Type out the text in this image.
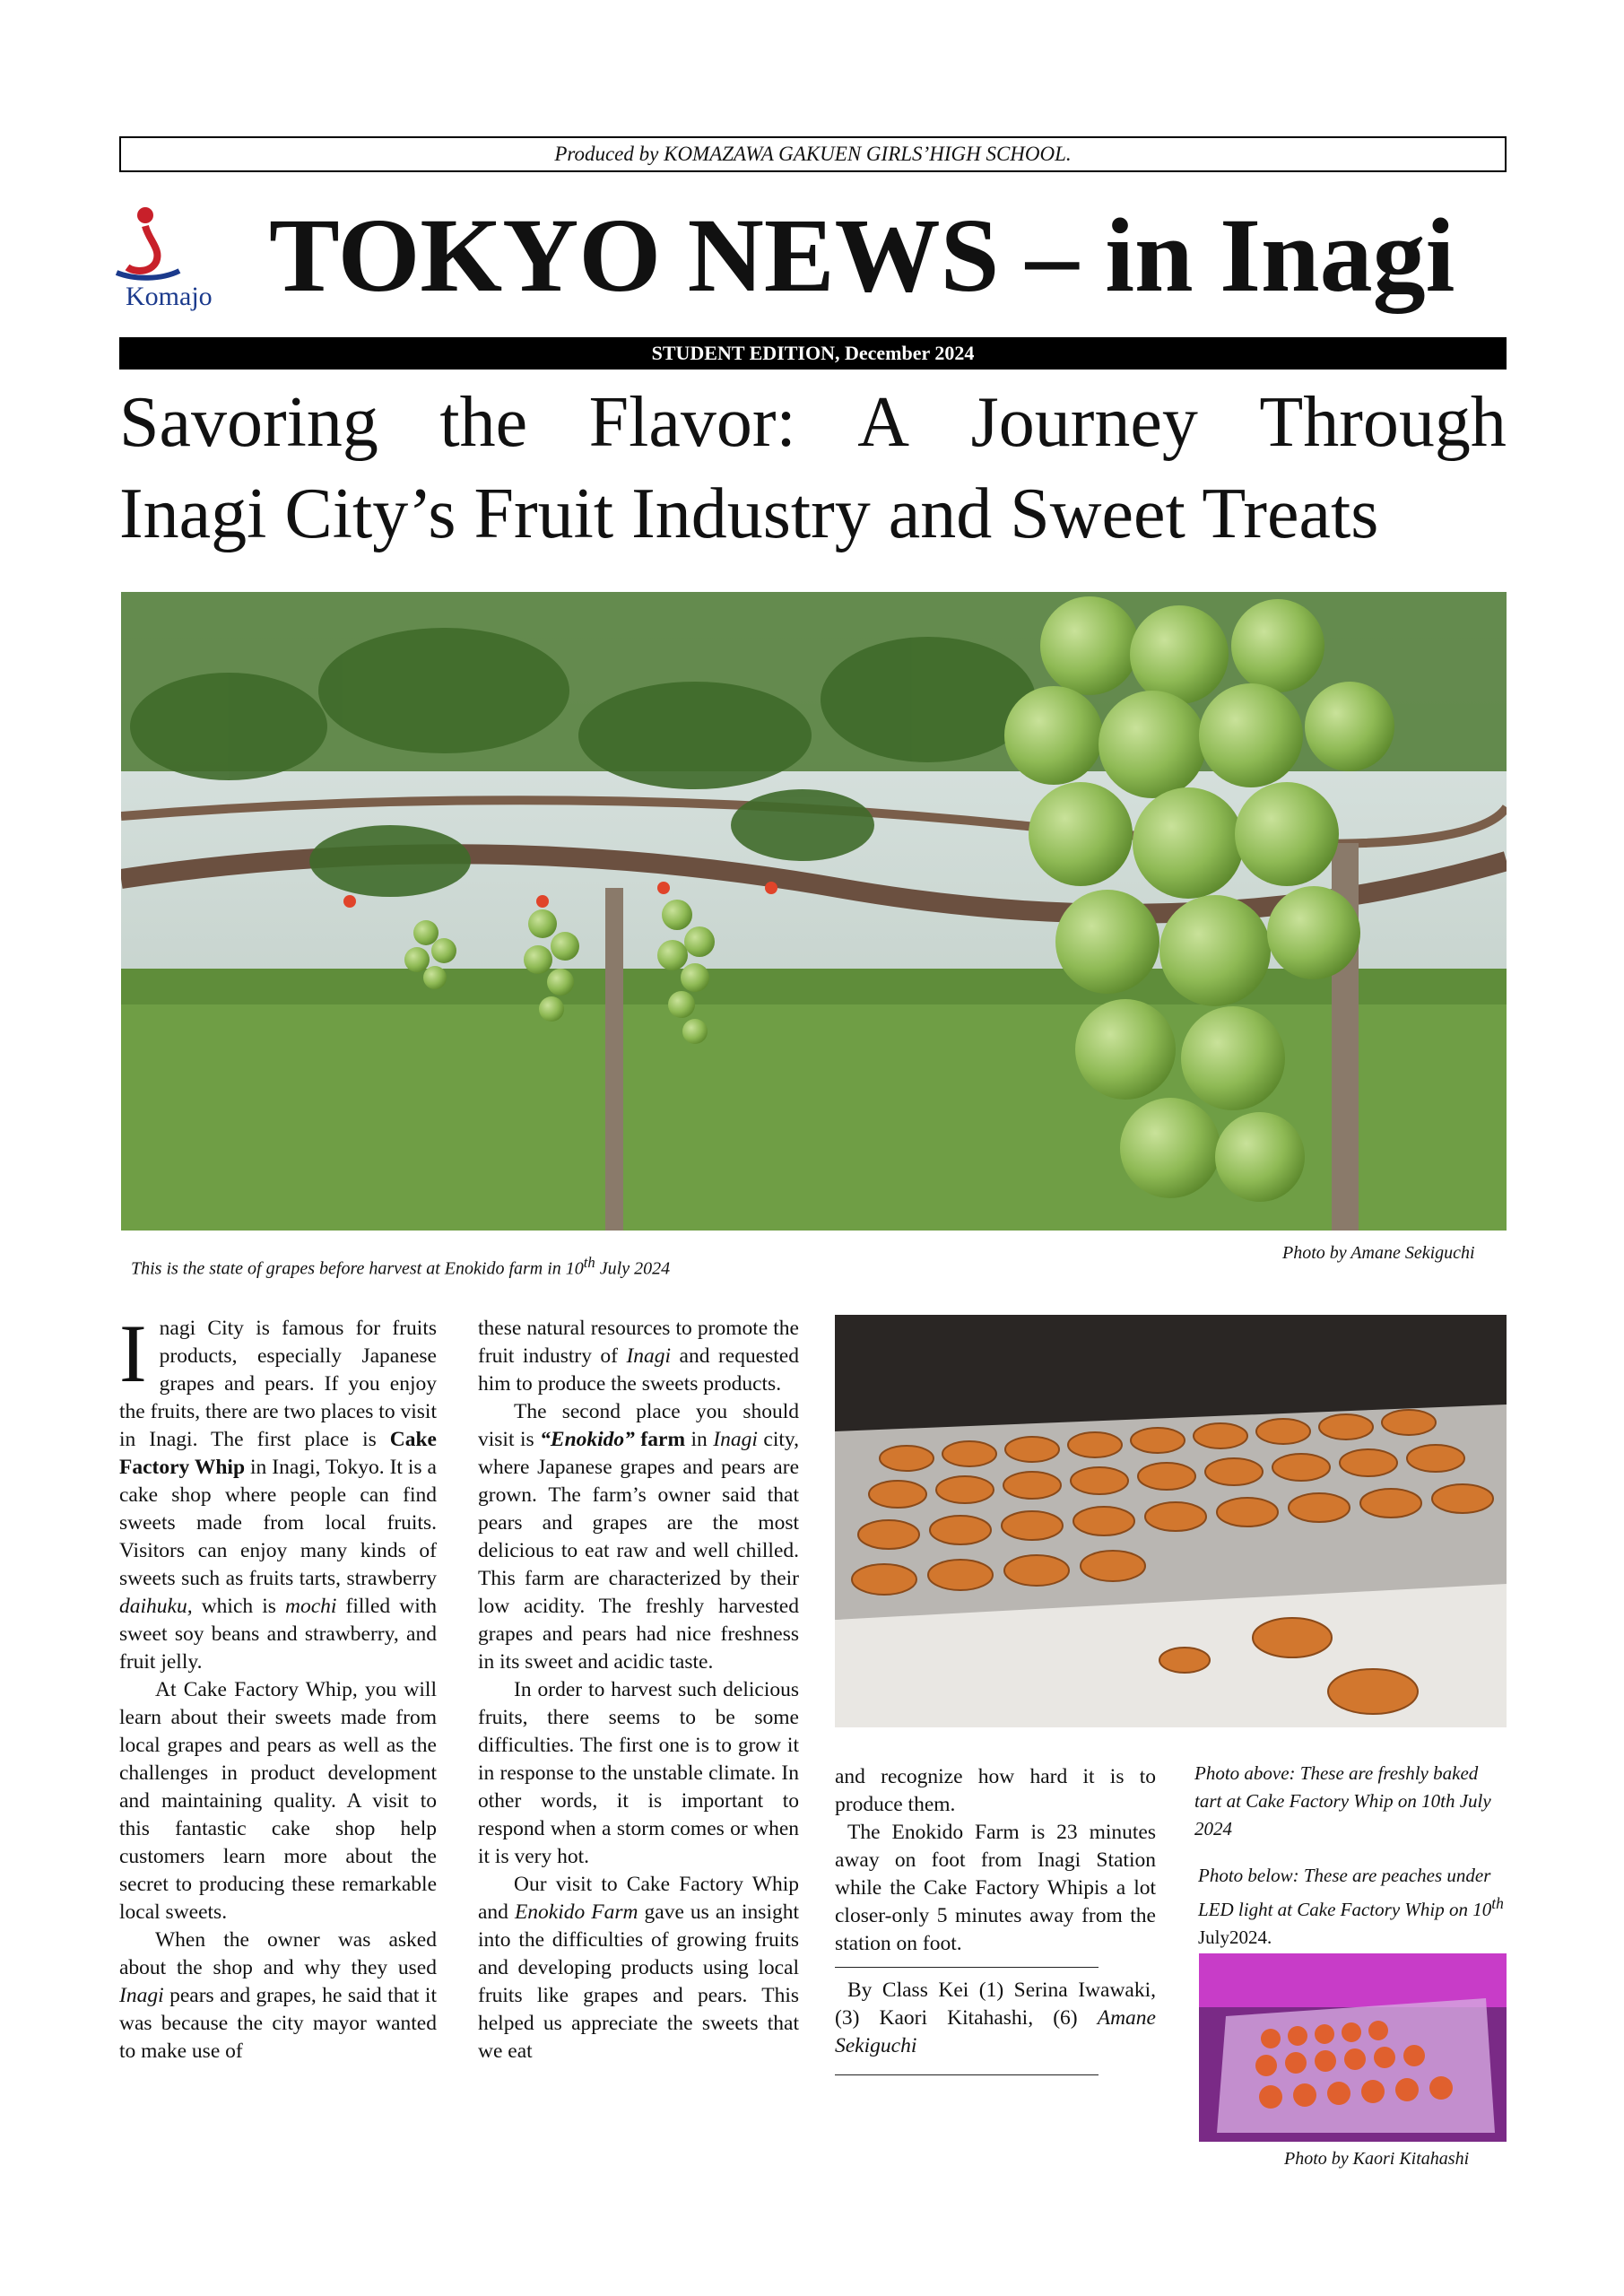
Produced by KOMAZAWA GAKUEN GIRLS’HIGH SCHOOL.
Komajo TOKYO NEWS – in Inagi
STUDENT EDITION, December 2024
Savoring the Flavor: A Journey Through
Inagi City’s Fruit Industry and Sweet Treats
This is the state of grapes before harvest at Enokido farm in 10th July 2024
Photo by Amane Sekiguchi

Inagi City is famous for fruits products, especially Japanese grapes and pears. If you enjoy the fruits, there are two places to visit in Inagi. The first place is Cake Factory Whip in Inagi, Tokyo. It is a cake shop where people can find sweets made from local fruits. Visitors can enjoy many kinds of sweets such as fruits tarts, strawberry daihuku, which is mochi filled with sweet soy beans and strawberry, and fruit jelly.

At Cake Factory Whip, you will learn about their sweets made from local grapes and pears as well as the challenges in product development and maintaining quality. A visit to this fantastic cake shop help customers learn more about the secret to producing these remarkable local sweets.

When the owner was asked about the shop and why they used Inagi pears and grapes, he said that it was because the city mayor wanted to make use of

these natural resources to promote the fruit industry of Inagi and requested him to produce the sweets products.

The second place you should visit is “Enokido” farm in Inagi city, where Japanese grapes and pears are grown. The farm’s owner said that pears and grapes are the most delicious to eat raw and well chilled. This farm are characterized by their low acidity. The freshly harvested grapes and pears had nice freshness in its sweet and acidic taste.

In order to harvest such delicious fruits, there seems to be some difficulties. The first one is to grow it in response to the unstable climate. In other words, it is important to respond when a storm comes or when it is very hot.

Our visit to Cake Factory Whip and Enokido Farm gave us an insight into the difficulties of growing fruits and developing products using local fruits like grapes and pears. This helped us appreciate the sweets that we eat

and recognize how hard it is to produce them.

The Enokido Farm is 23 minutes away on foot from Inagi Station while the Cake Factory Whipis a lot closer-only 5 minutes away from the station on foot.

By Class Kei (1) Serina Iwawaki, (3) Kaori Kitahashi, (6) Amane Sekiguchi

Photo above: These are freshly baked tart at Cake Factory Whip on 10th July 2024
Photo below: These are peaches under LED light at Cake Factory Whip on 10th July2024.
Photo by Kaori Kitahashi
